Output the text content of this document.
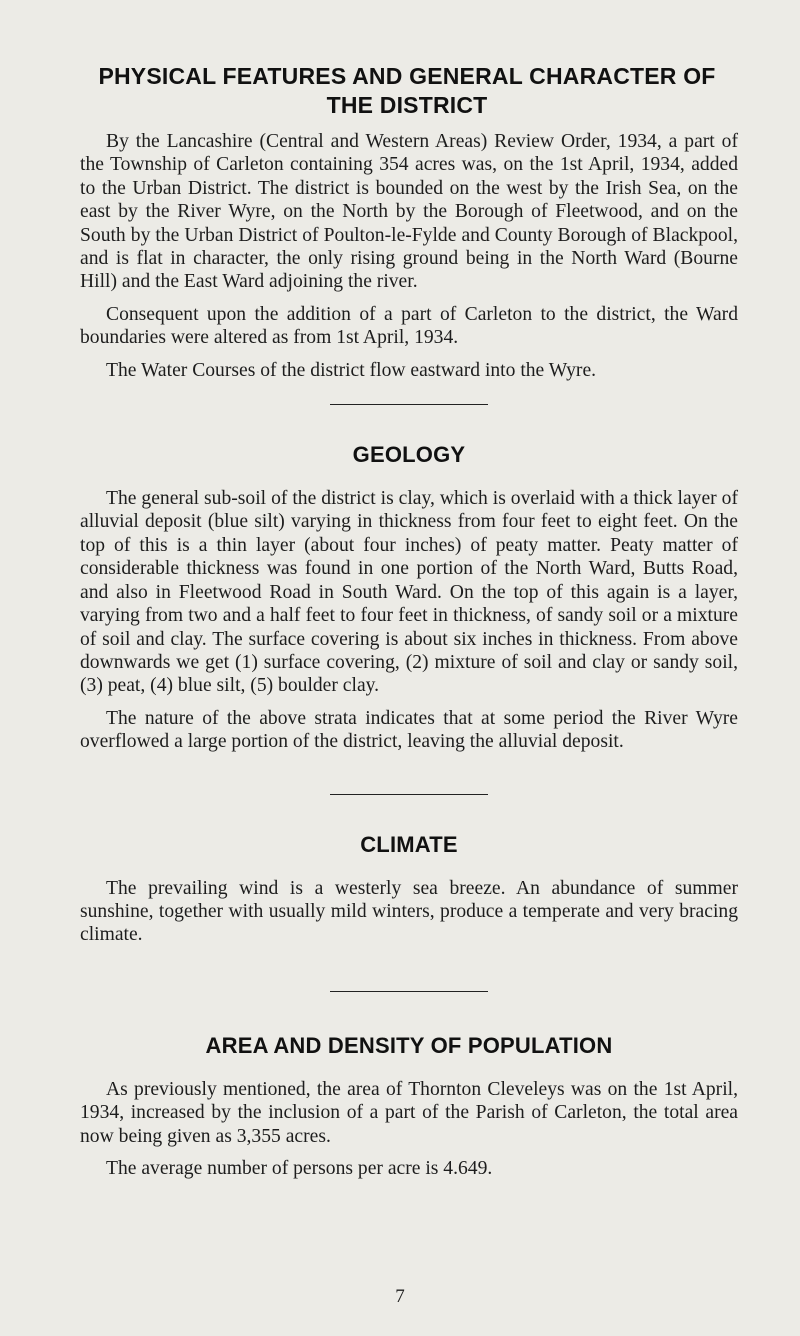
PHYSICAL FEATURES AND GENERAL CHARACTER OF THE DISTRICT

By the Lancashire (Central and Western Areas) Review Order, 1934, a part of the Township of Carleton containing 354 acres was, on the 1st April, 1934, added to the Urban District. The district is bounded on the west by the Irish Sea, on the east by the River Wyre, on the North by the Borough of Fleetwood, and on the South by the Urban District of Poulton-le-Fylde and County Borough of Blackpool, and is flat in character, the only rising ground being in the North Ward (Bourne Hill) and the East Ward adjoining the river.

Consequent upon the addition of a part of Carleton to the district, the Ward boundaries were altered as from 1st April, 1934.

The Water Courses of the district flow eastward into the Wyre.

GEOLOGY

The general sub-soil of the district is clay, which is overlaid with a thick layer of alluvial deposit (blue silt) varying in thickness from four feet to eight feet. On the top of this is a thin layer (about four inches) of peaty matter. Peaty matter of considerable thickness was found in one portion of the North Ward, Butts Road, and also in Fleetwood Road in South Ward. On the top of this again is a layer, varying from two and a half feet to four feet in thickness, of sandy soil or a mixture of soil and clay. The surface covering is about six inches in thickness. From above downwards we get (1) surface covering, (2) mixture of soil and clay or sandy soil, (3) peat, (4) blue silt, (5) boulder clay.

The nature of the above strata indicates that at some period the River Wyre overflowed a large portion of the district, leaving the alluvial deposit.

CLIMATE

The prevailing wind is a westerly sea breeze. An abundance of summer sunshine, together with usually mild winters, produce a temperate and very bracing climate.

AREA AND DENSITY OF POPULATION

As previously mentioned, the area of Thornton Cleveleys was on the 1st April, 1934, increased by the inclusion of a part of the Parish of Carleton, the total area now being given as 3,355 acres.

The average number of persons per acre is 4.649.

7
